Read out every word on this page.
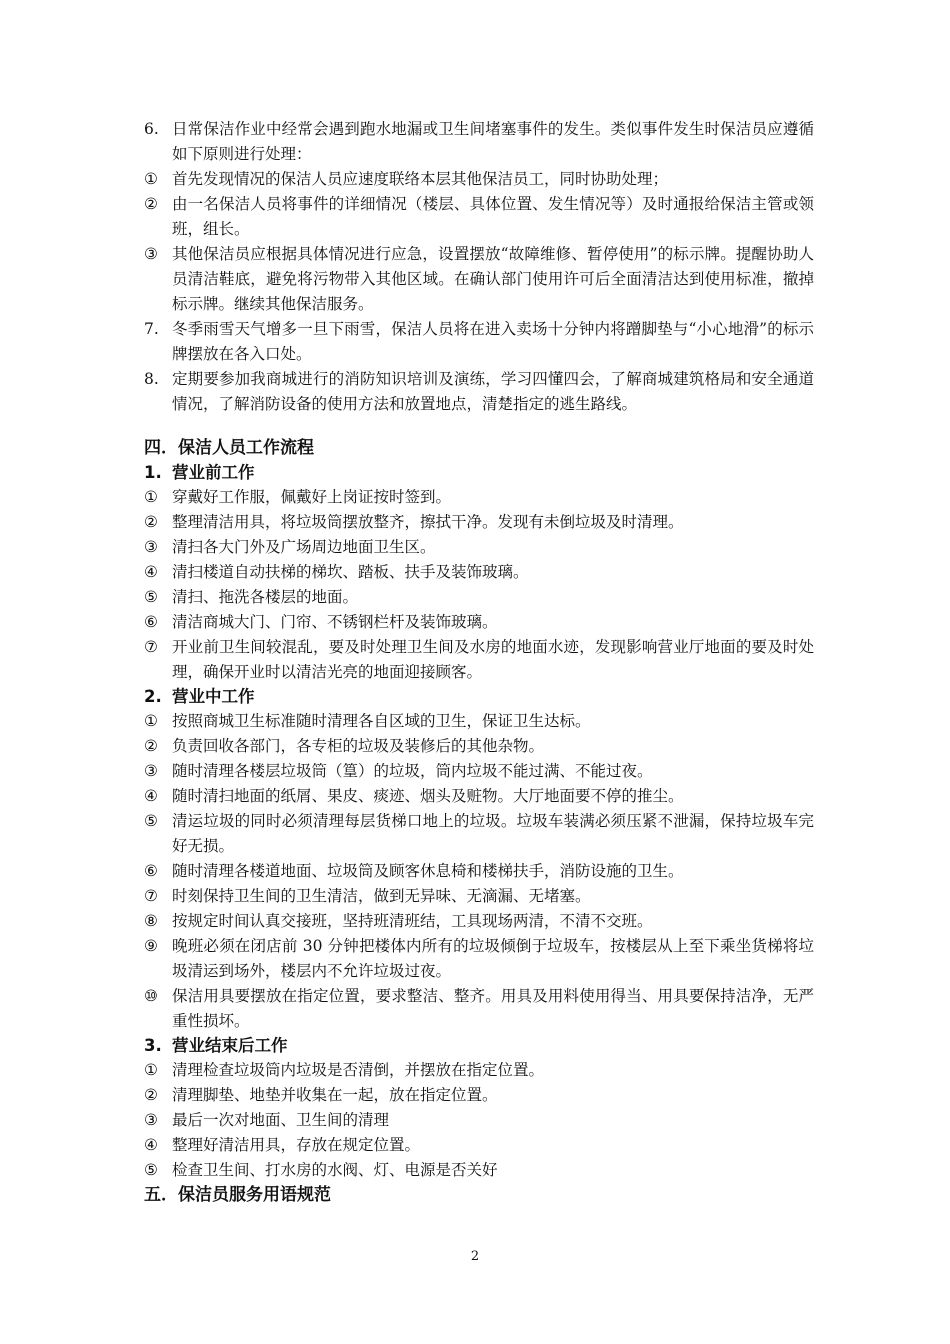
6. 日常保洁作业中经常会遇到跑水地漏或卫生间堵塞事件的发生。类似事件发生时保洁员应遵循如下原则进行处理：
① 首先发现情况的保洁人员应速度联络本层其他保洁员工，同时协助处理；
② 由一名保洁人员将事件的详细情况（楼层、具体位置、发生情况等）及时通报给保洁主管或领班，组长。
③ 其他保洁员应根据具体情况进行应急，设置摆放“故障维修、暂停使用”的标示牌。提醒协助人员清洁鞋底，避免将污物带入其他区域。在确认部门使用许可后全面清洁达到使用标准，撤掉标示牌。继续其他保洁服务。
7. 冬季雨雪天气增多一旦下雨雪，保洁人员将在进入卖场十分钟内将蹭脚垫与“小心地滑”的标示牌摆放在各入口处。
8. 定期要参加我商城进行的消防知识培训及演练，学习四懂四会，了解商城建筑格局和安全通道情况，了解消防设备的使用方法和放置地点，清楚指定的逃生路线。
四．保洁人员工作流程
1. 营业前工作
① 穿戴好工作服，佩戴好上岗证按时签到。
② 整理清洁用具，将垃圾筒摆放整齐，擦拭干净。发现有未倒垃圾及时清理。
③ 清扫各大门外及广场周边地面卫生区。
④ 清扫楼道自动扶梯的梯坎、踏板、扶手及装饰玻璃。
⑤ 清扫、拖洗各楼层的地面。
⑥ 清洁商城大门、门帘、不锈钢栏杆及装饰玻璃。
⑦ 开业前卫生间较混乱，要及时处理卫生间及水房的地面水迹，发现影响营业厅地面的要及时处理，确保开业时以清洁光亮的地面迎接顾客。
2. 营业中工作
① 按照商城卫生标准随时清理各自区域的卫生，保证卫生达标。
② 负责回收各部门，各专柜的垃圾及装修后的其他杂物。
③ 随时清理各楼层垃圾筒（篁）的垃圾，筒内垃圾不能过满、不能过夜。
④ 随时清扫地面的纸屑、果皮、痰迹、烟头及赃物。大厅地面要不停的推尘。
⑤ 清运垃圾的同时必须清理每层货梯口地上的垃圾。垃圾车装满必须压紧不泄漏，保持垃圾车完好无损。
⑥ 随时清理各楼道地面、垃圾筒及顾客休息椅和楼梯扶手，消防设施的卫生。
⑦ 时刻保持卫生间的卫生清洁，做到无异味、无滴漏、无堵塞。
⑧ 按规定时间认真交接班，坚持班清班结，工具现场两清，不清不交班。
⑨ 晚班必须在闭店前 30 分钟把楼体内所有的垃圾倾倒于垃圾车，按楼层从上至下乘坐货梯将垃圾清运到场外，楼层内不允许垃圾过夜。
⑩ 保洁用具要摆放在指定位置，要求整洁、整齐。用具及用料使用得当、用具要保持洁净，无严重性损坏。
3. 营业结束后工作
① 清理检查垃圾筒内垃圾是否清倒，并摆放在指定位置。
② 清理脚垫、地垫并收集在一起，放在指定位置。
③ 最后一次对地面、卫生间的清理
④ 整理好清洁用具，存放在规定位置。
⑤ 检查卫生间、打水房的水阀、灯、电源是否关好
五．保洁员服务用语规范
2
